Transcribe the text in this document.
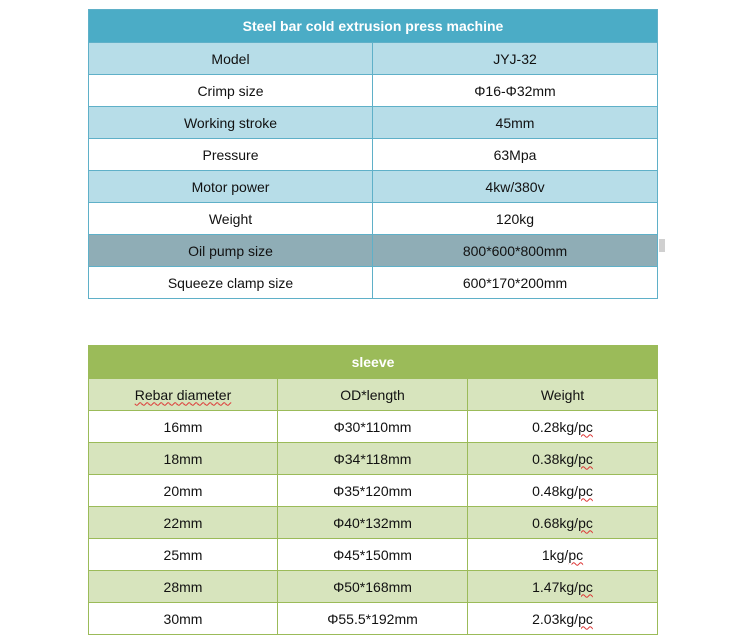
Steel bar cold extrusion press machine	
Model	JYJ-32
Crimp size	Φ16-Φ32mm
Working stroke	45mm
Pressure	63Mpa
Motor power	4kw/380v
Weight	120kg
Oil pump size	800*600*800mm
Squeeze clamp size	600*170*200mm
sleeve		
Rebar diameter	OD*length	Weight
16mm	Φ30*110mm	0.28kg/pc
18mm	Φ34*118mm	0.38kg/pc
20mm	Φ35*120mm	0.48kg/pc
22mm	Φ40*132mm	0.68kg/pc
25mm	Φ45*150mm	1kg/pc
28mm	Φ50*168mm	1.47kg/pc
30mm	Φ55.5*192mm	2.03kg/pc
